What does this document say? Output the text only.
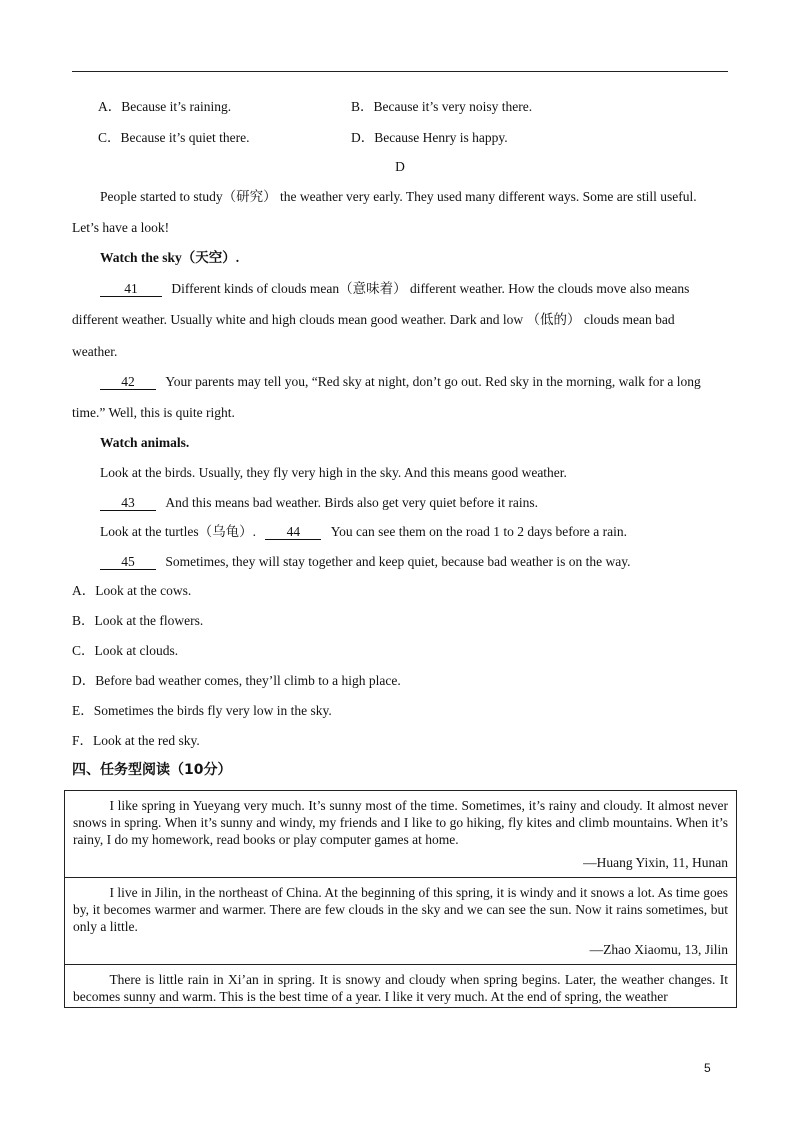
A．Because it’s raining.	B．Because it’s very noisy there.
C．Because it’s quiet there.	D．Because Henry is happy.
D
People started to study（研究） the weather very early. They used many different ways. Some are still useful.
Let’s have a look!
Watch the sky（天空）.
41 Different kinds of clouds mean（意味着） different weather. How the clouds move also means
different weather. Usually white and high clouds mean good weather. Dark and low （低的） clouds mean bad
weather.
42 Your parents may tell you, “Red sky at night, don’t go out. Red sky in the morning, walk for a long
time.” Well, this is quite right.
Watch animals.
Look at the birds. Usually, they fly very high in the sky. And this means good weather.
43 And this means bad weather. Birds also get very quiet before it rains.
Look at the turtles（乌龟）. 44 You can see them on the road 1 to 2 days before a rain.
45 Sometimes, they will stay together and keep quiet, because bad weather is on the way.
A．Look at the cows.
B．Look at the flowers.
C．Look at clouds.
D．Before bad weather comes, they’ll climb to a high place.
E．Sometimes the birds fly very low in the sky.
F．Look at the red sky.
四、任务型阅读（10分）
I like spring in Yueyang very much. It’s sunny most of the time. Sometimes, it’s rainy and cloudy. It almost never snows in spring. When it’s sunny and windy, my friends and I like to go hiking, fly kites and climb mountains. When it’s rainy, I do my homework, read books or play computer games at home.
—Huang Yixin, 11, Hunan
I live in Jilin, in the northeast of China. At the beginning of this spring, it is windy and it snows a lot. As time goes by, it becomes warmer and warmer. There are few clouds in the sky and we can see the sun. Now it rains sometimes, but only a little.
—Zhao Xiaomu, 13, Jilin
There is little rain in Xi’an in spring. It is snowy and cloudy when spring begins. Later, the weather changes. It becomes sunny and warm. This is the best time of a year. I like it very much. At the end of spring, the weather
5
